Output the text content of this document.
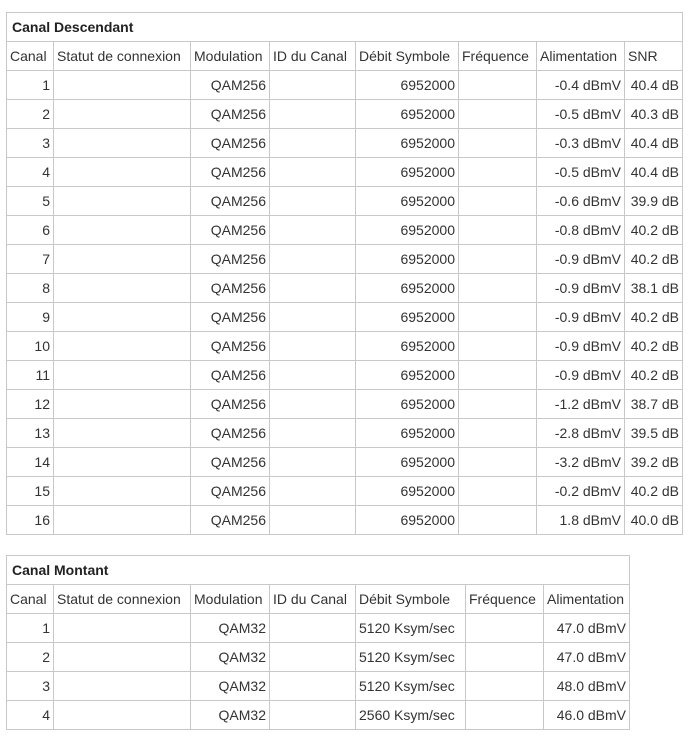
Canal Descendant							
Canal	Statut de connexion	Modulation	ID du Canal	Débit Symbole	Fréquence	Alimentation	SNR
1		QAM256		6952000		-0.4 dBmV	40.4 dB
2		QAM256		6952000		-0.5 dBmV	40.3 dB
3		QAM256		6952000		-0.3 dBmV	40.4 dB
4		QAM256		6952000		-0.5 dBmV	40.4 dB
5		QAM256		6952000		-0.6 dBmV	39.9 dB
6		QAM256		6952000		-0.8 dBmV	40.2 dB
7		QAM256		6952000		-0.9 dBmV	40.2 dB
8		QAM256		6952000		-0.9 dBmV	38.1 dB
9		QAM256		6952000		-0.9 dBmV	40.2 dB
10		QAM256		6952000		-0.9 dBmV	40.2 dB
11		QAM256		6952000		-0.9 dBmV	40.2 dB
12		QAM256		6952000		-1.2 dBmV	38.7 dB
13		QAM256		6952000		-2.8 dBmV	39.5 dB
14		QAM256		6952000		-3.2 dBmV	39.2 dB
15		QAM256		6952000		-0.2 dBmV	40.2 dB
16		QAM256		6952000		1.8 dBmV	40.0 dB
Canal Montant						
Canal	Statut de connexion	Modulation	ID du Canal	Débit Symbole	Fréquence	Alimentation
1		QAM32		5120 Ksym/sec		47.0 dBmV
2		QAM32		5120 Ksym/sec		47.0 dBmV
3		QAM32		5120 Ksym/sec		48.0 dBmV
4		QAM32		2560 Ksym/sec		46.0 dBmV
